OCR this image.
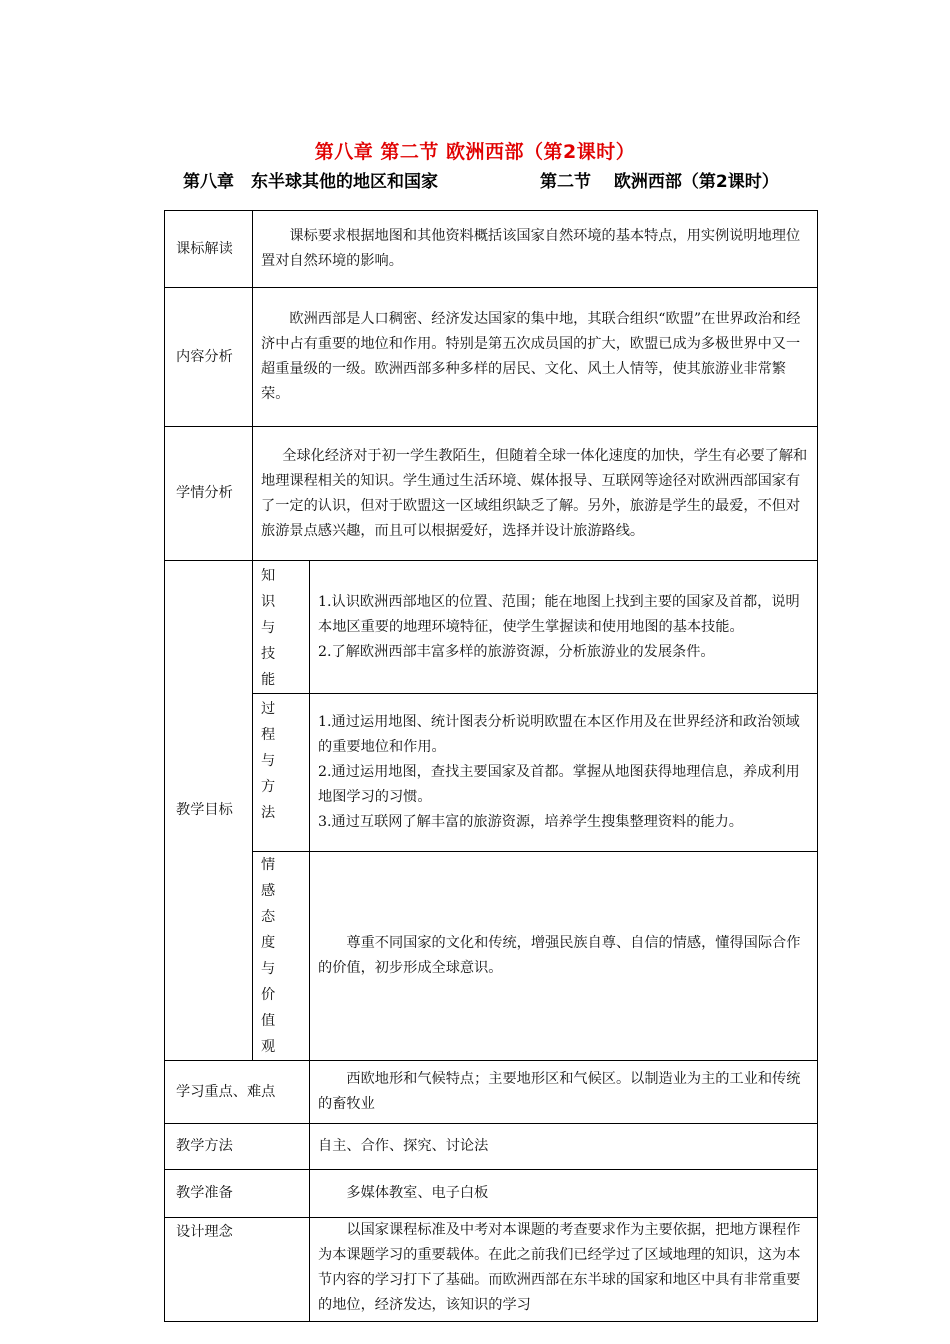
第八章 第二节 欧洲西部（第2课时）
第八章　东半球其他的地区和国家	第二节　 欧洲西部（第2课时）
课标解读	课标要求根据地图和其他资料概括该国家自然环境的基本特点，用实例说明地理位置对自然环境的影响。	
内容分析	欧洲西部是人口稠密、经济发达国家的集中地，其联合组织“欧盟”在世界政治和经济中占有重要的地位和作用。特别是第五次成员国的扩大，欧盟已成为多极世界中又一超重量级的一级。欧洲西部多种多样的居民、文化、风土人情等，使其旅游业非常繁荣。	
学情分析	全球化经济对于初一学生教陌生，但随着全球一体化速度的加快，学生有必要了解和地理课程相关的知识。学生通过生活环境、媒体报导、互联网等途径对欧洲西部国家有了一定的认识，但对于欧盟这一区域组织缺乏了解。另外，旅游是学生的最爱，不但对旅游景点感兴趣，而且可以根据爱好，选择并设计旅游路线。	
教学目标	知识与技能	1.认识欧洲西部地区的位置、范围；能在地图上找到主要的国家及首都，说明本地区重要的地理环境特征，使学生掌握读和使用地图的基本技能。
2.了解欧洲西部丰富多样的旅游资源，分析旅游业的发展条件。

	过程与方法	1.通过运用地图、统计图表分析说明欧盟在本区作用及在世界经济和政治领域的重要地位和作用。
2.通过运用地图，查找主要国家及首都。掌握从地图获得地理信息，养成利用地图学习的习惯。
3.通过互联网了解丰富的旅游资源，培养学生搜集整理资料的能力。

	情感态度与价值观	尊重不同国家的文化和传统，增强民族自尊、自信的情感，懂得国际合作的价值，初步形成全球意识。

学习重点、难点		西欧地形和气候特点；主要地形区和气候区。以制造业为主的工业和传统的畜牧业
教学方法		自主、合作、探究、讨论法
教学准备		多媒体教室、电子白板
设计理念		以国家课程标准及中考对本课题的考查要求作为主要依据，把地方课程作为本课题学习的重要载体。在此之前我们已经学过了区域地理的知识，这为本节内容的学习打下了基础。而欧洲西部在东半球的国家和地区中具有非常重要的地位，经济发达，该知识的学习
